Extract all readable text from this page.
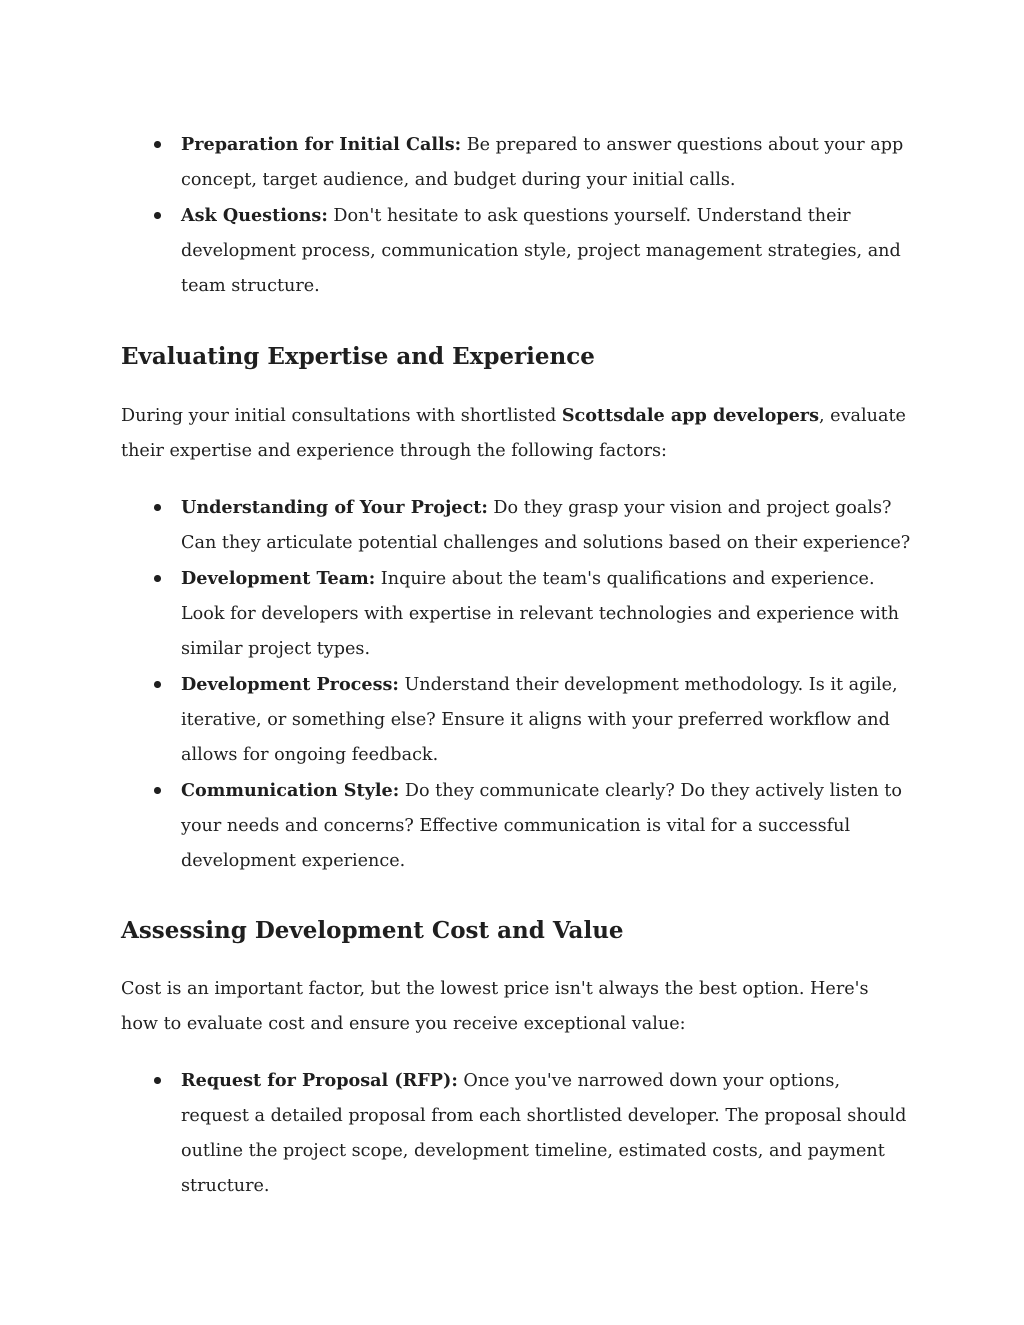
Preparation for Initial Calls: Be prepared to answer questions about your app concept, target audience, and budget during your initial calls.
Ask Questions: Don't hesitate to ask questions yourself. Understand their development process, communication style, project management strategies, and team structure.
Evaluating Expertise and Experience

During your initial consultations with shortlisted Scottsdale app developers, evaluate their expertise and experience through the following factors:

Understanding of Your Project: Do they grasp your vision and project goals? Can they articulate potential challenges and solutions based on their experience?
Development Team: Inquire about the team's qualifications and experience. Look for developers with expertise in relevant technologies and experience with similar project types.
Development Process: Understand their development methodology. Is it agile, iterative, or something else? Ensure it aligns with your preferred workflow and allows for ongoing feedback.
Communication Style: Do they communicate clearly? Do they actively listen to your needs and concerns? Effective communication is vital for a successful development experience.
Assessing Development Cost and Value

Cost is an important factor, but the lowest price isn't always the best option. Here's how to evaluate cost and ensure you receive exceptional value:

Request for Proposal (RFP): Once you've narrowed down your options, request a detailed proposal from each shortlisted developer. The proposal should outline the project scope, development timeline, estimated costs, and payment structure.
